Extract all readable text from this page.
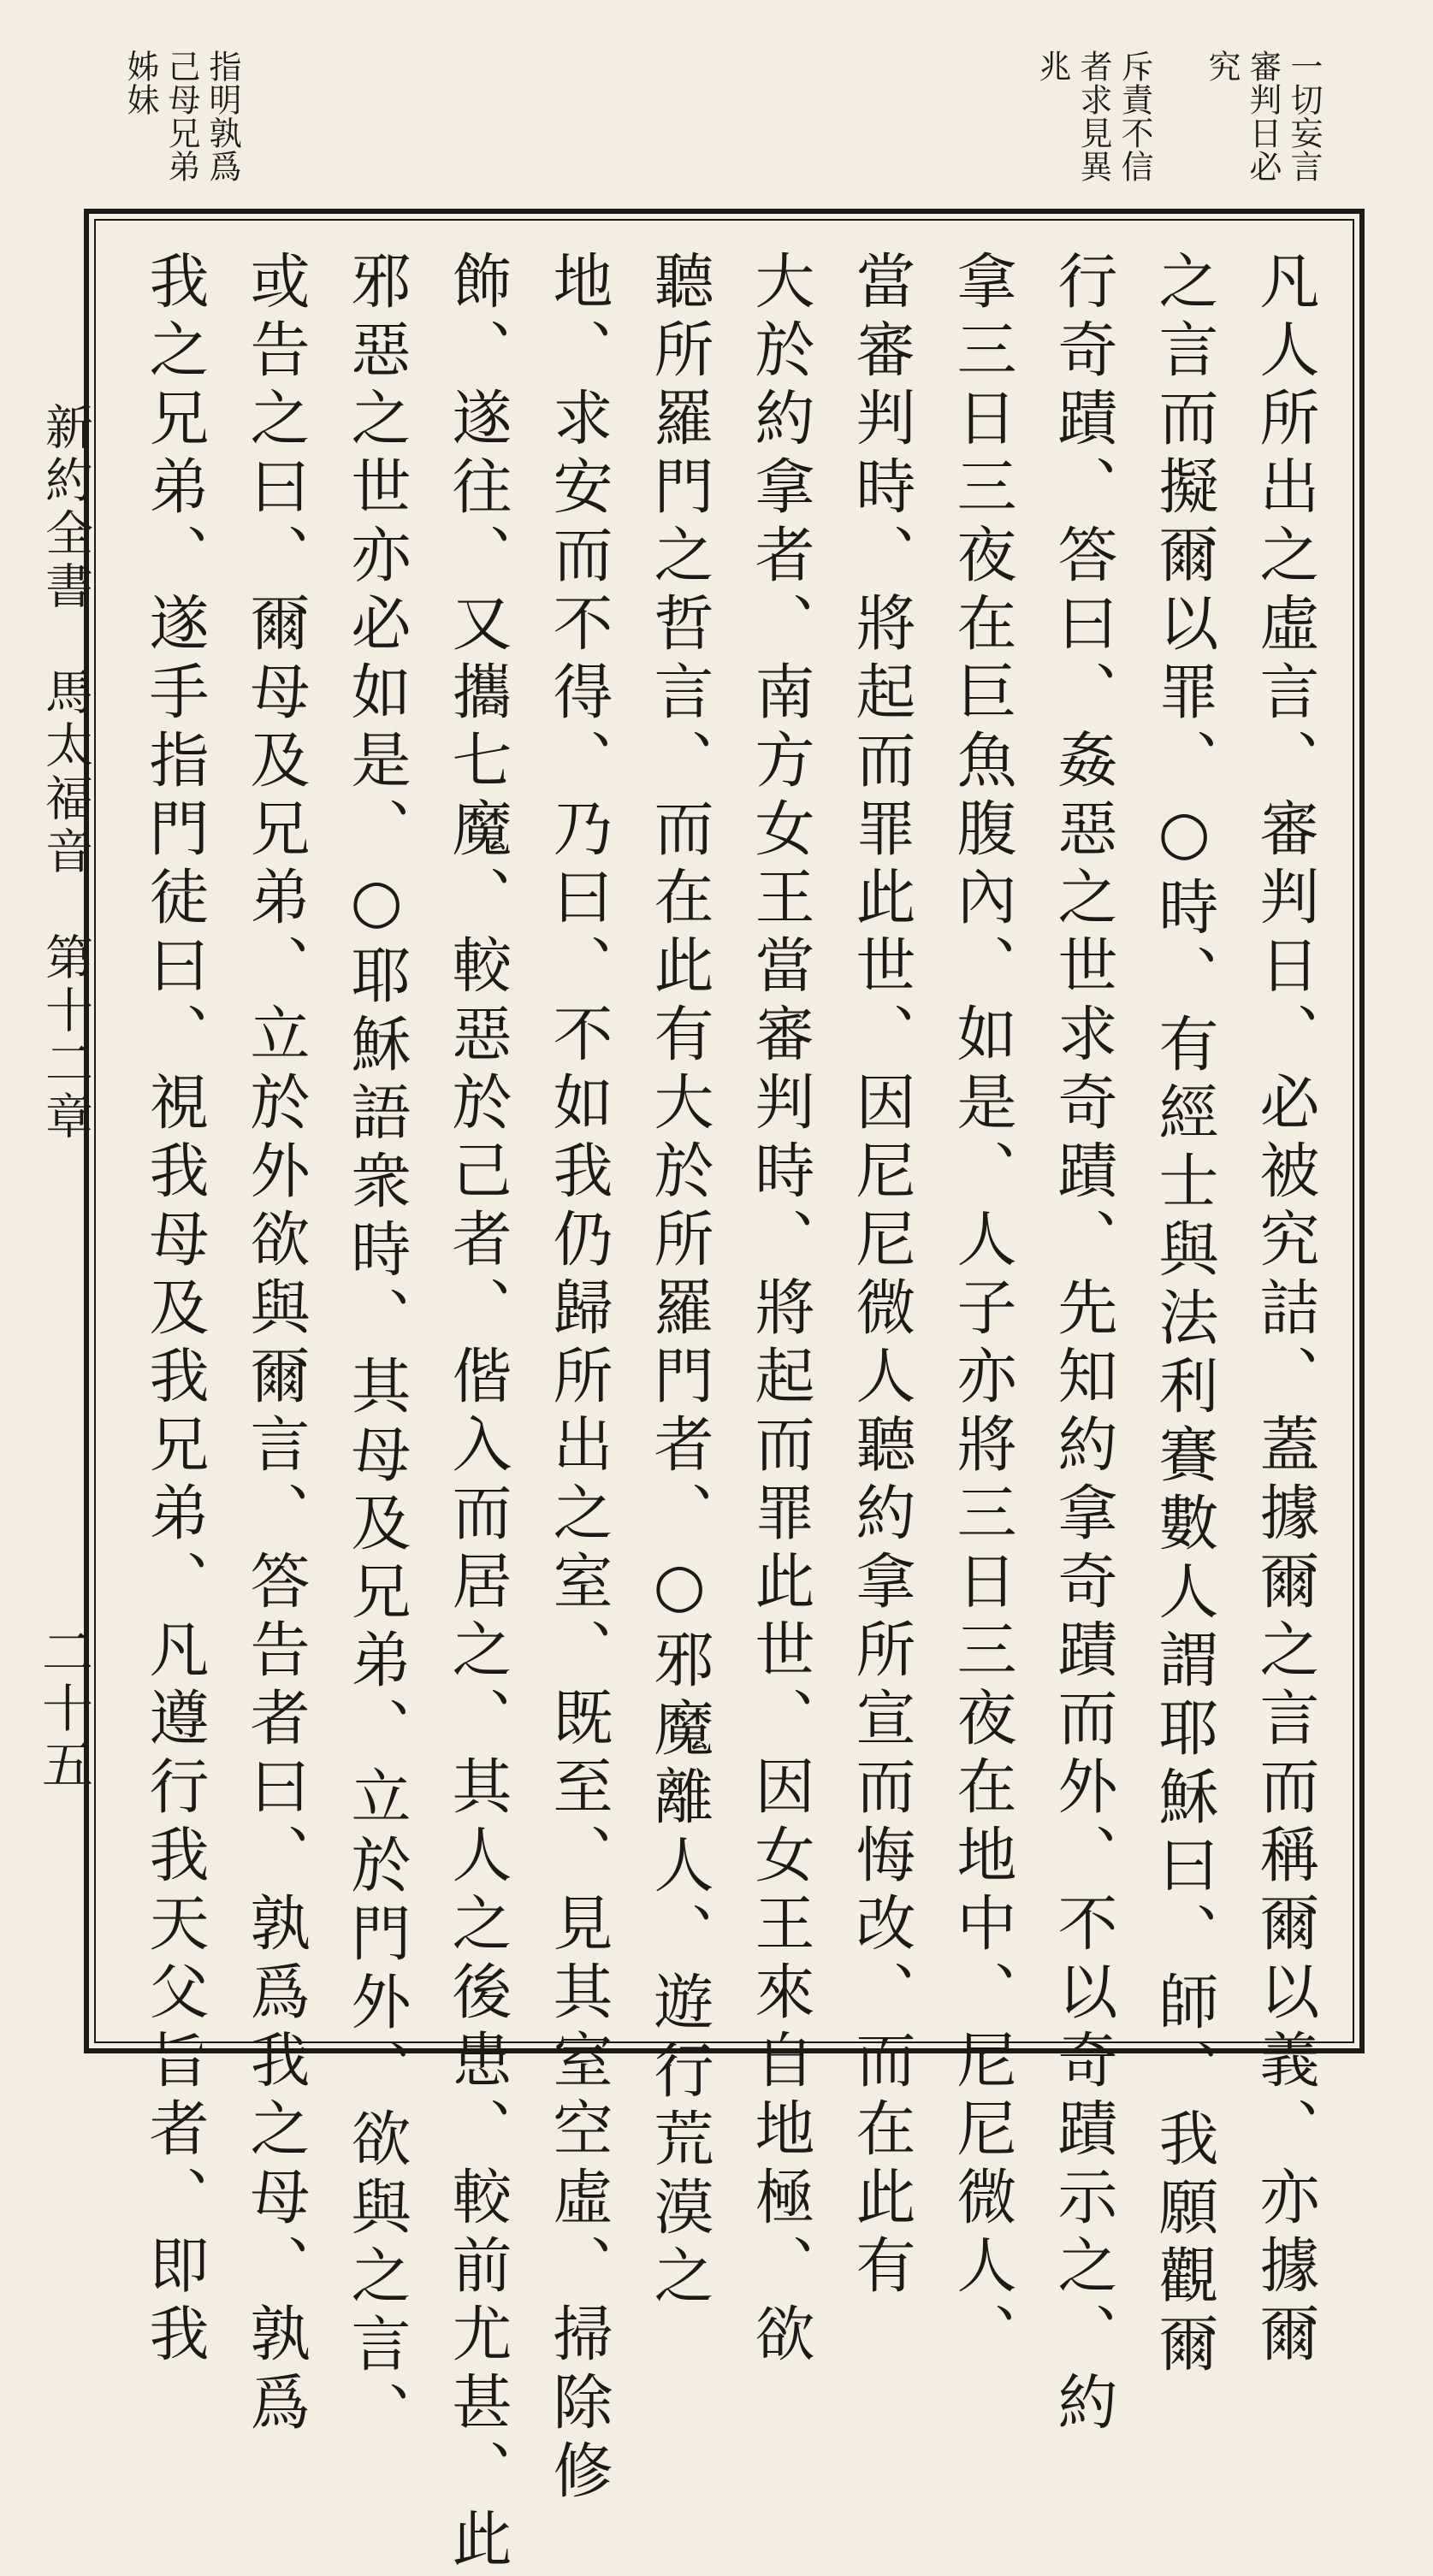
一切妄言
審判日必
究
斥責不信
者求見異
兆
指明孰爲
己母兄弟
姊妹
凡人所出之虛言、審判日、必被究詰、蓋據爾之言而稱爾以義、亦據爾
之言而擬爾以罪、○時、有經士與法利賽數人謂耶穌曰、師、我願觀爾
行奇蹟、答曰、姦惡之世求奇蹟、先知約拿奇蹟而外、不以奇蹟示之、約
拿三日三夜在巨魚腹內、如是、人子亦將三日三夜在地中、尼尼微人、
當審判時、將起而罪此世、因尼尼微人聽約拿所宣而悔改、而在此有
大於約拿者、南方女王當審判時、將起而罪此世、因女王來自地極、欲
聽所羅門之哲言、而在此有大於所羅門者、○邪魔離人、遊行荒漠之
地、求安而不得、乃曰、不如我仍歸所出之室、既至、見其室空虛、掃除修
飾、遂往、又攜七魔、較惡於己者、偕入而居之、其人之後患、較前尤甚、此
邪惡之世亦必如是、○耶穌語衆時、其母及兄弟、立於門外、欲與之言、
或告之曰、爾母及兄弟、立於外欲與爾言、答告者曰、孰爲我之母、孰爲
我之兄弟、遂手指門徒曰、視我母及我兄弟、凡遵行我天父旨者、即我
新約全書　馬太福音　第十二章
二十五
